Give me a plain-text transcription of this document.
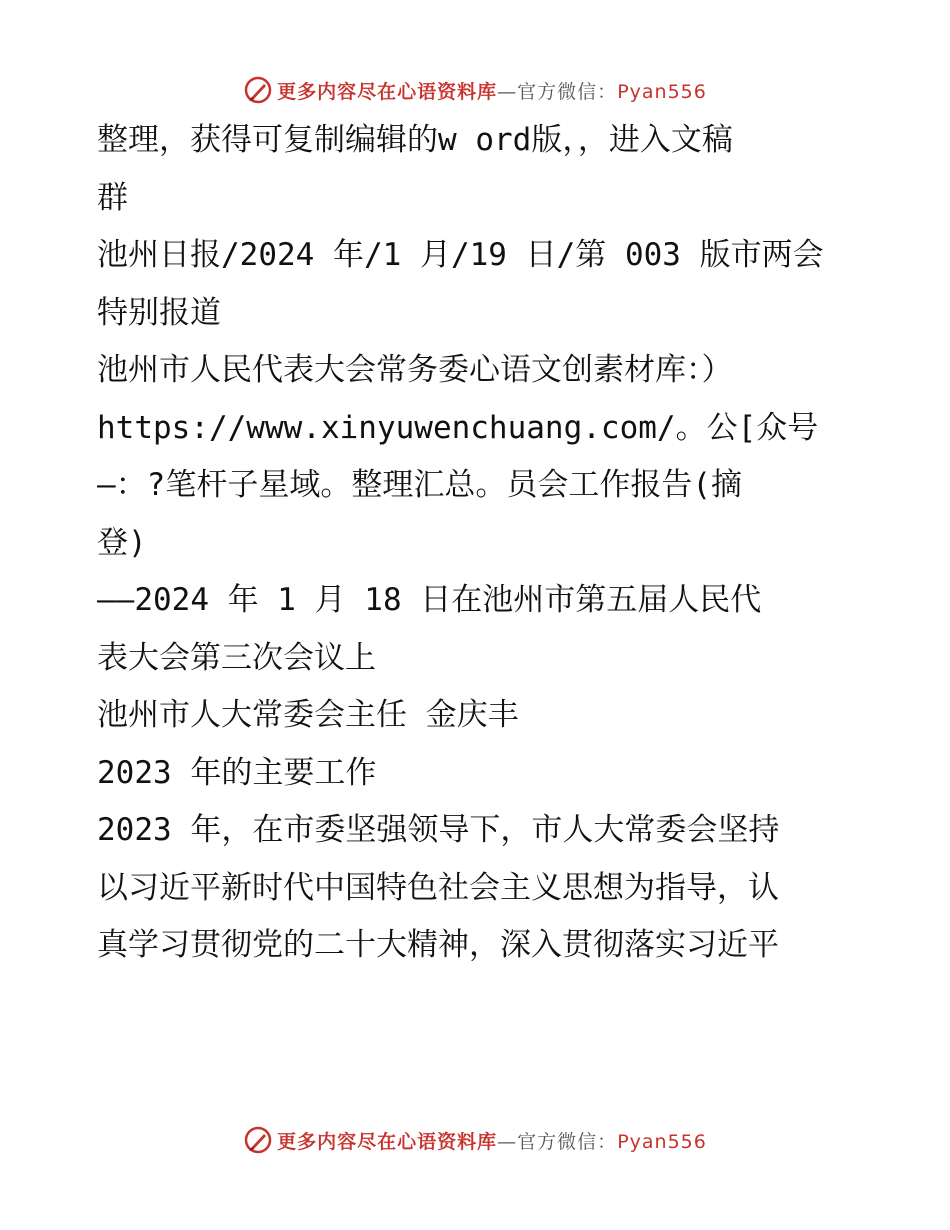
更多内容尽在心语资料库—官方微信：Pyan556

整理，获得可复制编辑的w ord版，，进入文稿

群

池州日报/2024 年/1 月/19 日/第 003 版市两会

特别报道

池州市人民代表大会常务委心语文创素材库：）

https://www.xinyuwenchuang.com/。公[众号

—：?笔杆子星域。整理汇总。员会工作报告(摘

登)

——2024 年 1 月 18 日在池州市第五届人民代

表大会第三次会议上

池州市人大常委会主任 金庆丰

2023 年的主要工作

2023 年，在市委坚强领导下，市人大常委会坚持

以习近平新时代中国特色社会主义思想为指导，认

真学习贯彻党的二十大精神，深入贯彻落实习近平

更多内容尽在心语资料库—官方微信：Pyan556
